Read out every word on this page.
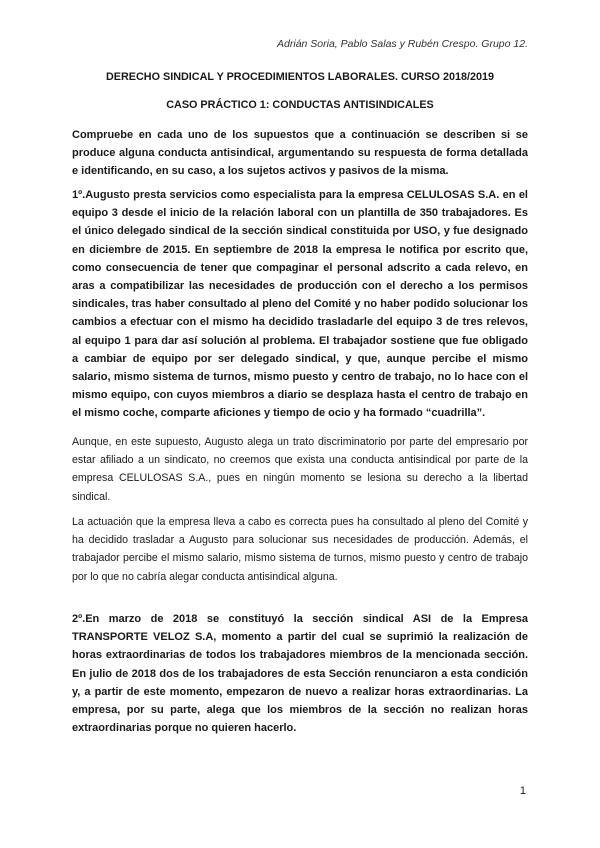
Adrián Soria, Pablo Salas y Rubén Crespo. Grupo 12.
DERECHO SINDICAL Y PROCEDIMIENTOS LABORALES. CURSO 2018/2019
CASO PRÁCTICO 1: CONDUCTAS ANTISINDICALES

Compruebe en cada uno de los supuestos que a continuación se describen si se produce alguna conducta antisindical, argumentando su respuesta de forma detallada e identificando, en su caso, a los sujetos activos y pasivos de la misma.

1º.Augusto presta servicios como especialista para la empresa CELULOSAS S.A. en el equipo 3 desde el inicio de la relación laboral con un plantilla de 350 trabajadores. Es el único delegado sindical de la sección sindical constituida por USO, y fue designado en diciembre de 2015. En septiembre de 2018 la empresa le notifica por escrito que, como consecuencia de tener que compaginar el personal adscrito a cada relevo, en aras a compatibilizar las necesidades de producción con el derecho a los permisos sindicales, tras haber consultado al pleno del Comité y no haber podido solucionar los cambios a efectuar con el mismo ha decidido trasladarle del equipo 3 de tres relevos, al equipo 1 para dar así solución al problema. El trabajador sostiene que fue obligado a cambiar de equipo por ser delegado sindical, y que, aunque percibe el mismo salario, mismo sistema de turnos, mismo puesto y centro de trabajo, no lo hace con el mismo equipo, con cuyos miembros a diario se desplaza hasta el centro de trabajo en el mismo coche, comparte aficiones y tiempo de ocio y ha formado “cuadrilla”.

Aunque, en este supuesto, Augusto alega un trato discriminatorio por parte del empresario por estar afiliado a un sindicato, no creemos que exista una conducta antisindical por parte de la empresa CELULOSAS S.A., pues en ningún momento se lesiona su derecho a la libertad sindical.

La actuación que la empresa lleva a cabo es correcta pues ha consultado al pleno del Comité y ha decidido trasladar a Augusto para solucionar sus necesidades de producción. Además, el trabajador percibe el mismo salario, mismo sistema de turnos, mismo puesto y centro de trabajo por lo que no cabría alegar conducta antisindical alguna.

2º.En marzo de 2018 se constituyó la sección sindical ASI de la Empresa TRANSPORTE VELOZ S.A, momento a partir del cual se suprimió la realización de horas extraordinarias de todos los trabajadores miembros de la mencionada sección. En julio de 2018 dos de los trabajadores de esta Sección renunciaron a esta condición y, a partir de este momento, empezaron de nuevo a realizar horas extraordinarias. La empresa, por su parte, alega que los miembros de la sección no realizan horas extraordinarias porque no quieren hacerlo.

1
